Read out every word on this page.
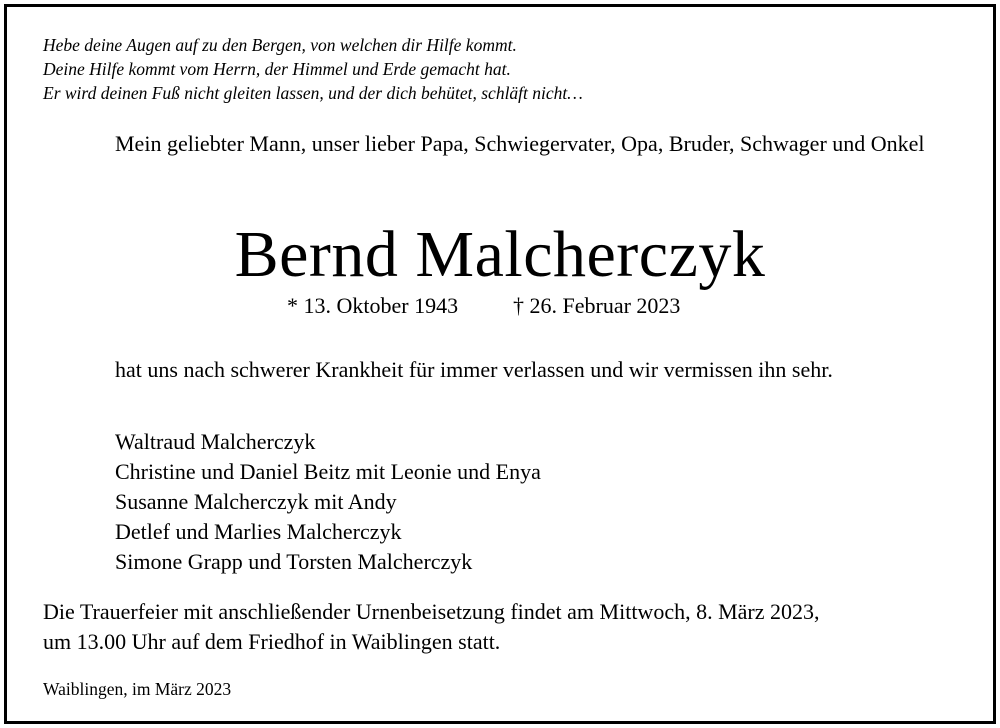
Hebe deine Augen auf zu den Bergen, von welchen dir Hilfe kommt.
Deine Hilfe kommt vom Herrn, der Himmel und Erde gemacht hat.
Er wird deinen Fuß nicht gleiten lassen, und der dich behütet, schläft nicht…
Mein geliebter Mann, unser lieber Papa, Schwiegervater, Opa, Bruder, Schwager und Onkel
Bernd Malcherczyk
* 13. Oktober 1943 † 26. Februar 2023
hat uns nach schwerer Krankheit für immer verlassen und wir vermissen ihn sehr.
Waltraud Malcherczyk
Christine und Daniel Beitz mit Leonie und Enya
Susanne Malcherczyk mit Andy
Detlef und Marlies Malcherczyk
Simone Grapp und Torsten Malcherczyk
Die Trauerfeier mit anschließender Urnenbeisetzung findet am Mittwoch, 8. März 2023,
um 13.00 Uhr auf dem Friedhof in Waiblingen statt.
Waiblingen, im März 2023
